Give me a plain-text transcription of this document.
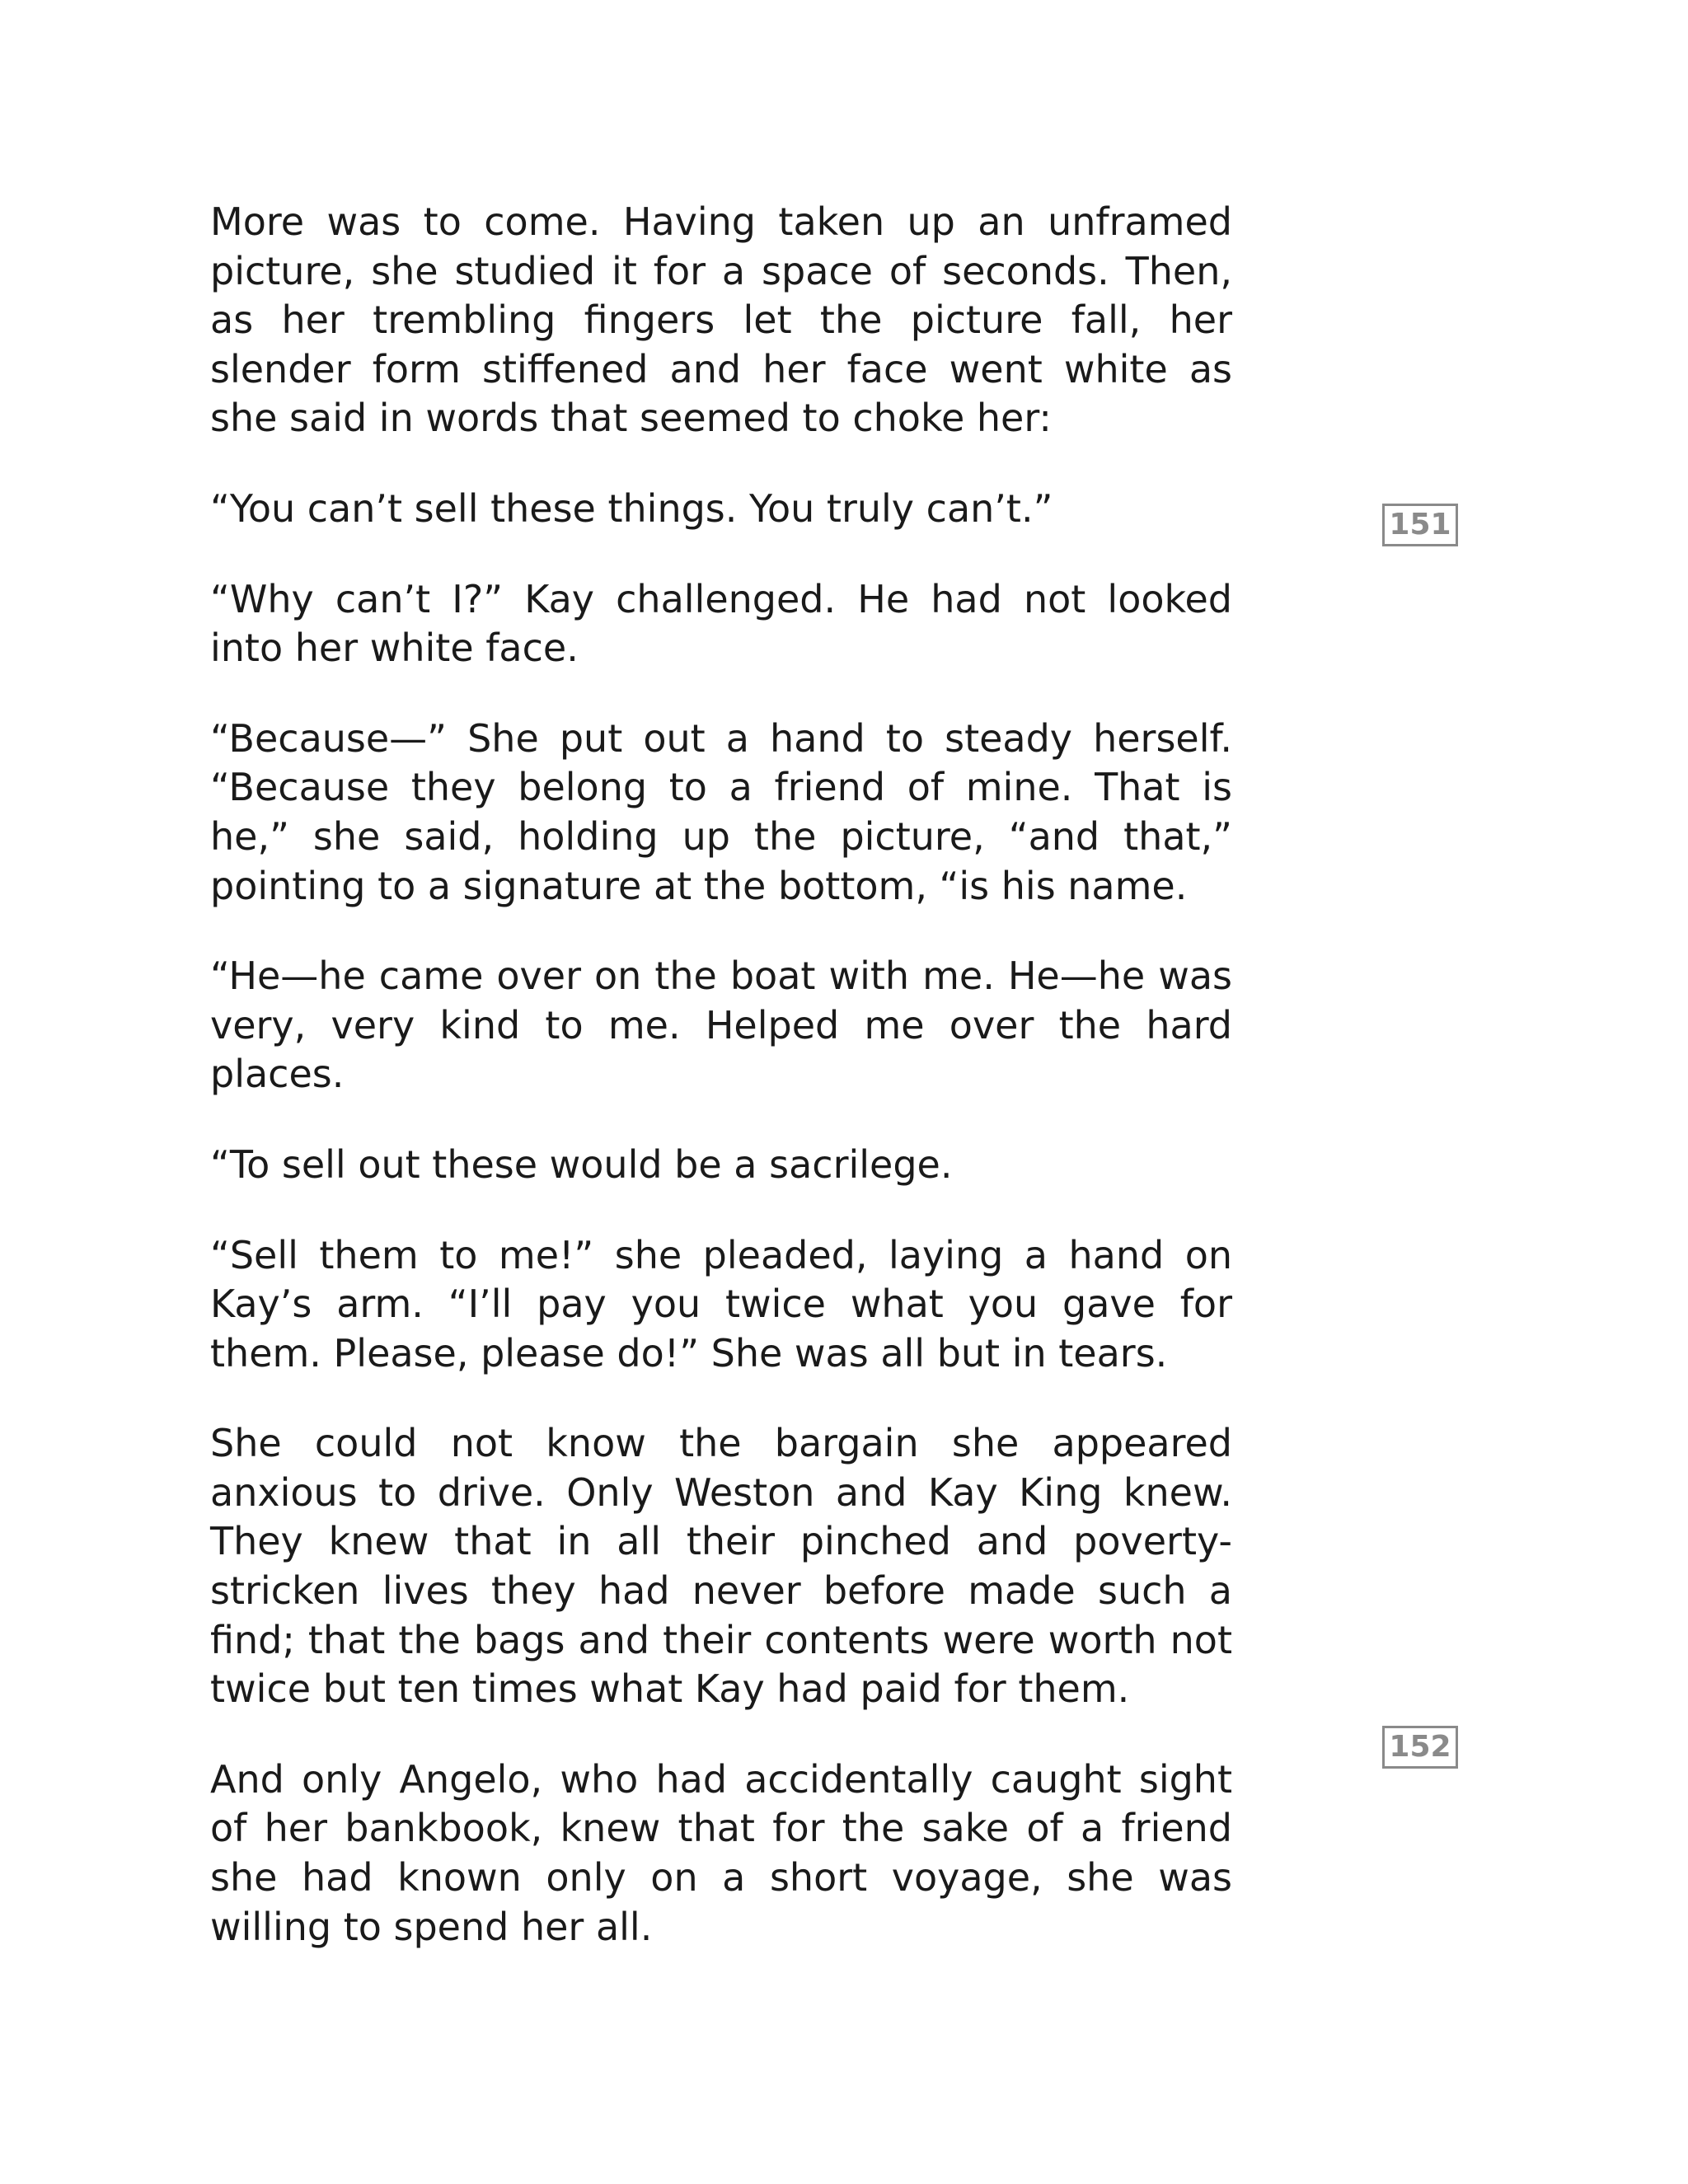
More was to come. Having taken up an unframed picture, she studied it for a space of seconds. Then, as her trembling fingers let the picture fall, her slender form stiffened and her face went white as she said in words that seemed to choke her:

“You can’t sell these things. You truly can’t.”

“Why can’t I?” Kay challenged. He had not looked into her white face.

“Because—” She put out a hand to steady herself. “Because they belong to a friend of mine. That is he,” she said, holding up the picture, “and that,” pointing to a signature at the bottom, “is his name.

“He—he came over on the boat with me. He—he was very, very kind to me. Helped me over the hard places.

“To sell out these would be a sacrilege.

“Sell them to me!” she pleaded, laying a hand on Kay’s arm. “I’ll pay you twice what you gave for them. Please, please do!” She was all but in tears.

She could not know the bargain she appeared anxious to drive. Only Weston and Kay King knew. They knew that in all their pinched and poverty-stricken lives they had never before made such a find; that the bags and their contents were worth not twice but ten times what Kay had paid for them.

And only Angelo, who had accidentally caught sight of her bankbook, knew that for the sake of a friend she had known only on a short voyage, she was willing to spend her all.

151
152
